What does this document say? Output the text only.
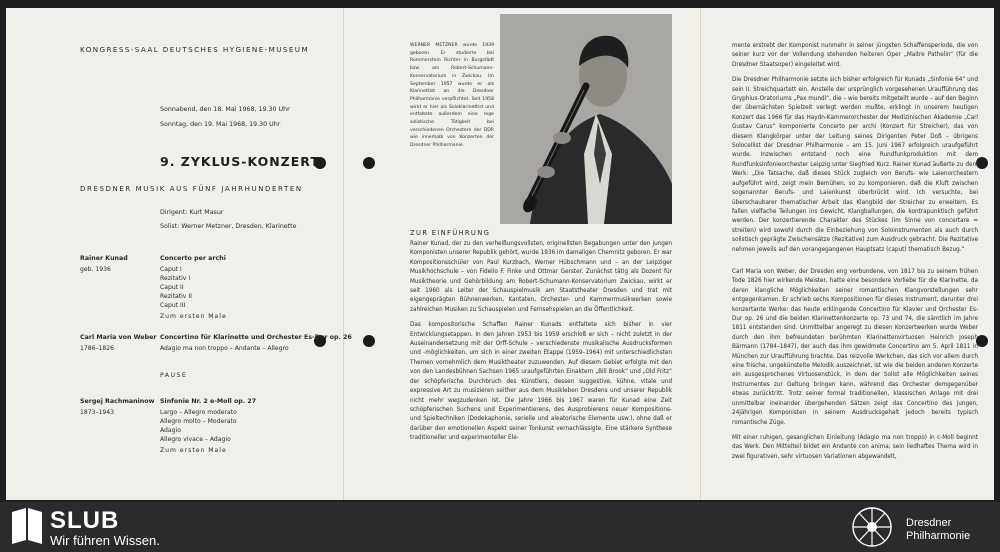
KONGRESS-SAAL DEUTSCHES HYGIENE-MUSEUM
Sonnabend, den 18. Mai 1968, 19.30 Uhr
Sonntag, den 19. Mai 1968, 19.30 Uhr
9. ZYKLUS-KONZERT
DRESDNER MUSIK AUS FÜNF JAHRHUNDERTEN
Dirigent: Kurt Masur
Solist: Werner Metzner, Dresden, Klarinette
Rainer Kunad
geb. 1936
Concerto per archi
Caput I
Rezitativ I
Caput II
Rezitativ II
Caput III
Zum ersten Male
Carl Maria von Weber
1786–1826
Concertino für Klarinette und Orchester Es-Dur op. 26
Adagio ma non troppo – Andante – Allegro
PAUSE
Sergej Rachmaninow
1873–1943
Sinfonie Nr. 2 e-Moll op. 27
Largo – Allegro moderato
Allegro molto – Moderato
Adagio
Allegro vivace – Adagio
Zum ersten Male
WERNER METZNER wurde 1939 geboren. Er studierte bei Rommerstein Richter in Burgstädt bzw. am Robert-Schumann-Konservatorium in Zwickau. Im September 1957 wurde er als Klarinettist an die Dresdner Philharmonie verpflichtet. Seit 1958 wirkt er hier als Soloklarinettist und entfaltete außerdem eine rege solistische Tätigkeit bei verschiedenen Orchestern der DDR wie innerhalb von Konzerten der Dresdner Philharmonie.
ZUR EINFÜHRUNG

Rainer Kunad, der zu den verheißungsvollsten, originellsten Begabungen unter den jungen Komponisten unserer Republik gehört, wurde 1936 im damaligen Chemnitz geboren. Er war Kompositionsschüler von Paul Kurzbach, Werner Hübschmann und – an der Leipziger Musikhochschule – von Fidelio F. Finke und Ottmar Gerster. Zunächst tätig als Dozent für Musiktheorie und Gehörbildung am Robert-Schumann-Konservatorium Zwickau, wirkt er seit 1960 als Leiter der Schauspielmusik am Staatstheater Dresden und trat mit eigengeprägten Bühnenwerken, Kantaten, Orchester- und Kammermusikwerken sowie zahlreichen Musiken zu Schauspielen und Fernsehspielen an die Öffentlichkeit.

Das kompositorische Schaffen Rainer Kunads entfaltete sich bisher in vier Entwicklungsetappen. In den Jahren 1953 bis 1959 erschloß er sich – nicht zuletzt in der Auseinandersetzung mit der Orff-Schule – verschiedenste musikalische Ausdrucksformen und -möglichkeiten, um sich in einer zweiten Etappe (1959–1964) mit unterschiedlichsten Themen vornehmlich dem Musiktheater zuzuwenden. Auf diesem Gebiet erfolgte mit den von den Landesbühnen Sachsen 1965 uraufgeführten Einaktern „Bill Brook“ und „Old Fritz“ der schöpferische Durchbruch des Künstlers, dessen suggestive, kühne, vitale und expressive Art zu musizieren seither aus dem Musikleben Dresdens und unserer Republik nicht mehr wegzudenken ist. Die Jahre 1966 bis 1967 waren für Kunad eine Zeit schöpferischen Suchens und Experimentierens, des Ausprobierens neuer Kompositions- und Spieltechniken (Dodekaphonie, serielle und aleatorische Elemente usw.), ohne daß er darüber den emotionellen Aspekt seiner Tonkunst vernachlässigte. Eine stärkere Synthese traditioneller und experimenteller Ele-

mente erstrebt der Komponist nunmehr in seiner jüngsten Schaffensperiode, die von seiner kurz vor der Vollendung stehenden heiteren Oper „Maitre Pathelin“ (für die Dresdner Staatsoper) eingeleitet wird.

Die Dresdner Philharmonie setzte sich bisher erfolgreich für Kunads „Sinfonie 64“ und sein II. Streichquartett ein. Anstelle der ursprünglich vorgesehenen Uraufführung des Gryphius-Oratoriums „Pax mundi“, die – wie bereits mitgeteilt wurde – auf den Beginn der übernächsten Spielzeit verlegt werden mußte, erklingt in unserem heutigen Konzert das 1966 für das Haydn-Kammerorchester der Medizinischen Akademie „Carl Gustav Carus“ komponierte Concerto per archi (Konzert für Streicher), das von diesem Klangkörper unter der Leitung seines Dirigenten Peter Doß – übrigens Solocellist der Dresdner Philharmonie – am 15. Juni 1967 erfolgreich uraufgeführt wurde. Inzwischen entstand noch eine Rundfunkproduktion mit dem Rundfunksinfonieorchester Leipzig unter Siegfried Kurz. Rainer Kunad äußerte zu dem Werk: „Die Tatsache, daß dieses Stück zugleich von Berufs- wie Laienorchestern aufgeführt wird, zeigt mein Bemühen, so zu komponieren, daß die Kluft zwischen sogenannter Berufs- und Laienkunst überbrückt wird. Ich versuchte, bei überschaubarer thematischer Arbeit das Klangbild der Streicher zu erweitern. Es fallen vielfache Teilungen ins Gewicht, Klangballungen, die kontrapunktisch geführt werden. Der konzertierende Charakter des Stückes (im Sinne von concertare = streiten) wird sowohl durch die Einbeziehung von Soloinstrumenten als auch durch solistisch geprägte Zwischensätze (Rezitative) zum Ausdruck gebracht. Die Rezitative nehmen jeweils auf den vorangegangenen Hauptsatz (caput) thematisch Bezug.“

Carl Maria von Weber, der Dresden eng verbundene, von 1817 bis zu seinem frühen Tode 1826 hier wirkende Meister, hatte eine besondere Vorliebe für die Klarinette, da deren klangliche Möglichkeiten seiner romantischen Klangvorstellungen sehr entgegenkamen. Er schrieb sechs Kompositionen für dieses Instrument, darunter drei konzertante Werke: das heute erklingende Concertino für Klavier und Orchester Es-Dur op. 26 und die beiden Klarinettenkonzerte op. 73 und 74, die sämtlich im Jahre 1811 entstanden sind. Unmittelbar angeregt zu diesen Konzertwerken wurde Weber durch den ihm befreundeten berühmten Klarinettenvirtuosen Heinrich Joseph Bärmann (1784–1847), der auch das ihm gewidmete Concertino am 5. April 1811 in München zur Uraufführung brachte. Das reizvolle Werkchen, das sich vor allem durch eine frische, ungekünstelte Melodik auszeichnet, ist wie die beiden anderen Konzerte ein ausgesprochenes Virtuosenstück, in dem der Solist alle Möglichkeiten seines Instrumentes zur Geltung bringen kann, während das Orchester demgegenüber etwas zurücktritt. Trotz seiner formal traditionellen, klassischen Anlage mit drei unmittelbar ineinander übergehenden Sätzen zeigt das Concertino des jungen, 24jährigen Komponisten in seinem Ausdrucksgehalt jedoch bereits typisch romantische Züge.

Mit einer ruhigen, gesanglichen Einleitung (Adagio ma non troppo) in c-Moll beginnt das Werk. Den Mittelteil bildet ein Andante con anima; sein liedhaftes Thema wird in zwei figurativen, sehr virtuosen Variationen abgewandelt,

SLUB
Wir führen Wissen.
Dresdner
Philharmonie
